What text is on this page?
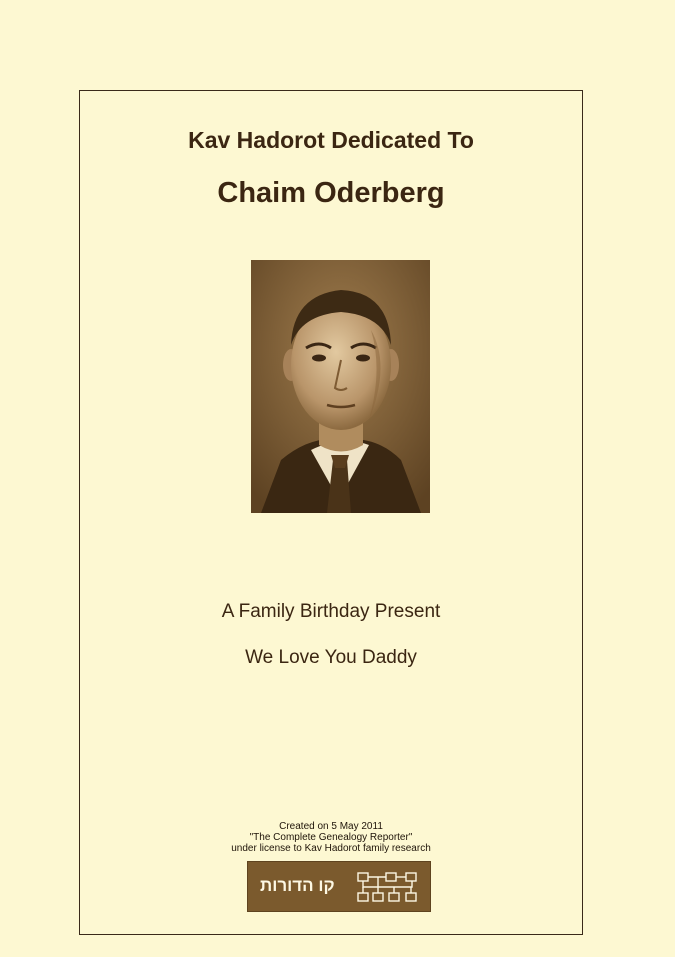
Kav Hadorot Dedicated To
Chaim Oderberg
A Family Birthday Present
We Love You Daddy
Created on 5 May 2011
"The Complete Genealogy Reporter"
under license to Kav Hadorot family research
קו הדורות
